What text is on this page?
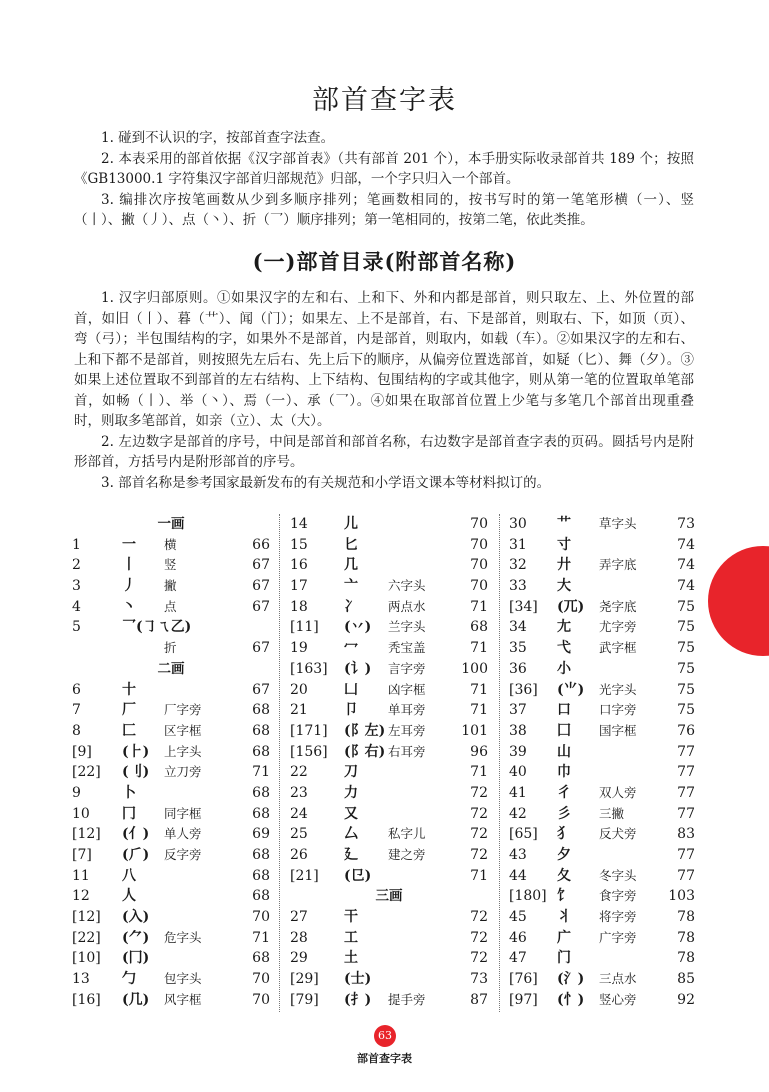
部首查字表

1. 碰到不认识的字，按部首查字法查。

2. 本表采用的部首依据《汉字部首表》（共有部首 201 个），本手册实际收录部首共 189 个；按照《GB13000.1 字符集汉字部首归部规范》归部，一个字只归入一个部首。

3. 编排次序按笔画数从少到多顺序排列；笔画数相同的，按书写时的第一笔笔形横（一）、竖（丨）、撇（丿）、点（丶）、折（乛）顺序排列；第一笔相同的，按第二笔，依此类推。

(一)部首目录(附部首名称)

1. 汉字归部原则。①如果汉字的左和右、上和下、外和内都是部首，则只取左、上、外位置的部首，如旧（丨）、暮（艹）、闻（门）；如果左、上不是部首，右、下是部首，则取右、下，如顶（页）、弯（弓）；半包围结构的字，如果外不是部首，内是部首，则取内，如载（车）。②如果汉字的左和右、上和下都不是部首，则按照先左后右、先上后下的顺序，从偏旁位置选部首，如疑（匕）、舞（夕）。③如果上述位置取不到部首的左右结构、上下结构、包围结构的字或其他字，则从第一笔的位置取单笔部首，如畅（丨）、举（丶）、焉（一）、承（乛）。④如果在取部首位置上少笔与多笔几个部首出现重叠时，则取多笔部首，如亲（立）、太（大）。

2. 左边数字是部首的序号，中间是部首和部首名称，右边数字是部首查字表的页码。圆括号内是附形部首，方括号内是附形部首的序号。

3. 部首名称是参考国家最新发布的有关规范和小学语文课本等材料拟订的。

一画
1	一 横	66
2	丨 竖	67
3	丿 撇	67
4	丶 点	67
5	乛(㇆ㄟ乙)
折	67
二画
6	十	67
7	厂 厂字旁	68
8	匚 区字框	68
[9] (⺊) 上字头	68
[22] (刂) 立刀旁	71
9	卜	68
10 冂 同字框	68
[12] (亻) 单人旁	69
[7] (⺁) 反字旁	68
11 八	68
12 人	68
[12] (入)	70
[22] (⺈) 危字头	71
[10] (冂)	68
13 勹 包字头	70
[16] (几) 风字框	70
14	儿	70
15	匕	70
16	几	70
17	亠 六字头	70
18	冫 两点水	71
[11] (丷) 兰字头	68
19	冖 秃宝盖	71
[163] (讠) 言字旁	100
20	凵 凶字框	71
21	卩 单耳旁	71
[171] (阝左) 左耳旁	101
[156] (阝右) 右耳旁	96
22	刀	71
23	力	72
24	又	72
25	厶 私字儿	72
26	廴 建之旁	72
[21] (㔾)	71
三画
27	干	72
28	工	72
29	土	72
[29] (士)	73
[79] (扌) 提手旁	87
30 艹 草字头	73
31 寸	74
32 廾 弄字底	74
33 大	74
[34] (兀) 尧字底	75
34 尢 尤字旁	75
35 弋 武字框	75
36 小	75
[36] (⺌) 光字头	75
37 口 口字旁	75
38 囗 国字框	76
39 山	77
40 巾	77
41 彳 双人旁	77
42 彡 三撇	77
[65] 犭 反犬旁	83
43 夕	77
44 夂 冬字头	77
[180] 饣 食字旁 103
45 丬 将字旁	78
46 广 广字旁	78
47 门	78
[76] (氵) 三点水	85
[97] (忄) 竖心旁	92
63
部首查字表
